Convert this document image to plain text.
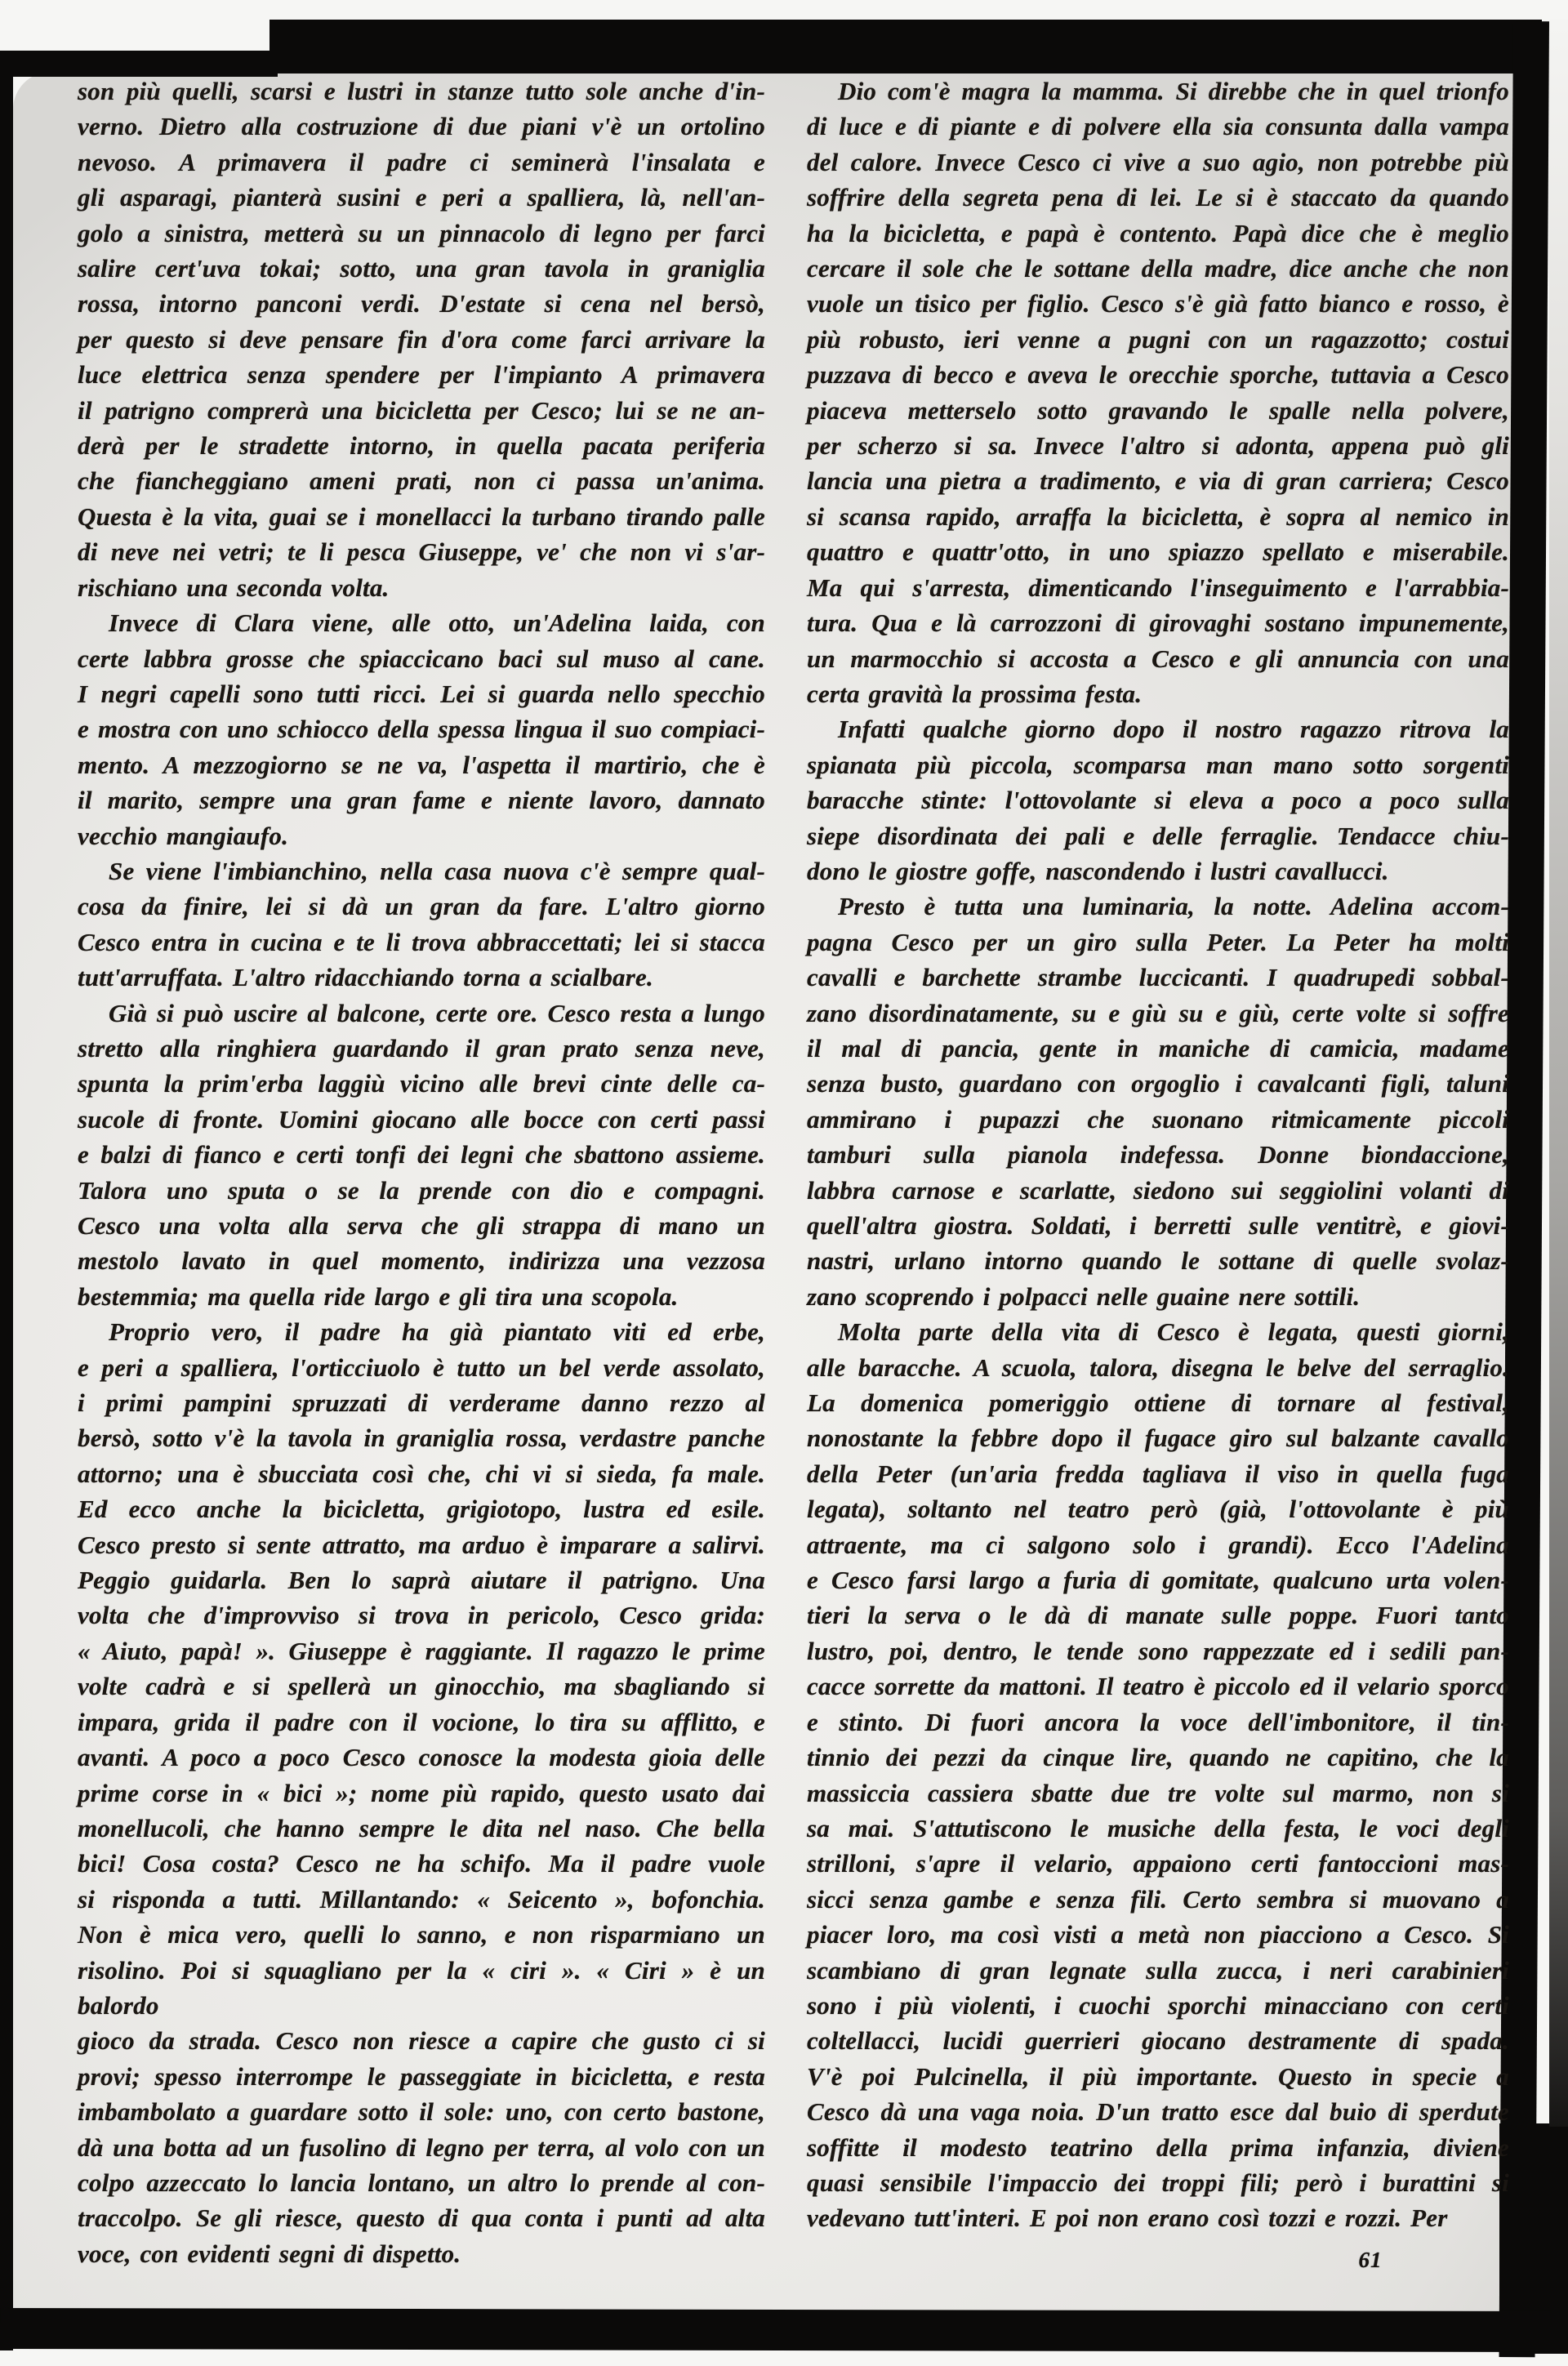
son più quelli, scarsi e lustri in stanze tutto sole anche d'in-
verno. Dietro alla costruzione di due piani v'è un ortolino
nevoso. A primavera il padre ci seminerà l'insalata e
gli asparagi, pianterà susini e peri a spalliera, là, nell'an-
golo a sinistra, metterà su un pinnacolo di legno per farci
salire cert'uva tokai; sotto, una gran tavola in graniglia
rossa, intorno panconi verdi. D'estate si cena nel bersò,
per questo si deve pensare fin d'ora come farci arrivare la
luce elettrica senza spendere per l'impianto A primavera
il patrigno comprerà una bicicletta per Cesco; lui se ne an-
derà per le stradette intorno, in quella pacata periferia
che fiancheggiano ameni prati, non ci passa un'anima.
Questa è la vita, guai se i monellacci la turbano tirando palle
di neve nei vetri; te li pesca Giuseppe, ve' che non vi s'ar-
rischiano una seconda volta.
Invece di Clara viene, alle otto, un'Adelina laida, con
certe labbra grosse che spiaccicano baci sul muso al cane.
I negri capelli sono tutti ricci. Lei si guarda nello specchio
e mostra con uno schiocco della spessa lingua il suo compiaci-
mento. A mezzogiorno se ne va, l'aspetta il martirio, che è
il marito, sempre una gran fame e niente lavoro, dannato
vecchio mangiaufo.
Se viene l'imbianchino, nella casa nuova c'è sempre qual-
cosa da finire, lei si dà un gran da fare. L'altro giorno
Cesco entra in cucina e te li trova abbraccettati; lei si stacca
tutt'arruffata. L'altro ridacchiando torna a scialbare.
Già si può uscire al balcone, certe ore. Cesco resta a lungo
stretto alla ringhiera guardando il gran prato senza neve,
spunta la prim'erba laggiù vicino alle brevi cinte delle ca-
sucole di fronte. Uomini giocano alle bocce con certi passi
e balzi di fianco e certi tonfi dei legni che sbattono assieme.
Talora uno sputa o se la prende con dio e compagni.
Cesco una volta alla serva che gli strappa di mano un
mestolo lavato in quel momento, indirizza una vezzosa
bestemmia; ma quella ride largo e gli tira una scopola.
Proprio vero, il padre ha già piantato viti ed erbe,
e peri a spalliera, l'orticciuolo è tutto un bel verde assolato,
i primi pampini spruzzati di verderame danno rezzo al
bersò, sotto v'è la tavola in graniglia rossa, verdastre panche
attorno; una è sbucciata così che, chi vi si sieda, fa male.
Ed ecco anche la bicicletta, grigiotopo, lustra ed esile.
Cesco presto si sente attratto, ma arduo è imparare a salirvi.
Peggio guidarla. Ben lo saprà aiutare il patrigno. Una
volta che d'improvviso si trova in pericolo, Cesco grida:
« Aiuto, papà! ». Giuseppe è raggiante. Il ragazzo le prime
volte cadrà e si spellerà un ginocchio, ma sbagliando si
impara, grida il padre con il vocione, lo tira su afflitto, e
avanti. A poco a poco Cesco conosce la modesta gioia delle
prime corse in « bici »; nome più rapido, questo usato dai
monellucoli, che hanno sempre le dita nel naso. Che bella
bici! Cosa costa? Cesco ne ha schifo. Ma il padre vuole
si risponda a tutti. Millantando: « Seicento », bofonchia.
Non è mica vero, quelli lo sanno, e non risparmiano un
risolino. Poi si squagliano per la « ciri ». « Ciri » è un balordo
gioco da strada. Cesco non riesce a capire che gusto ci si
provi; spesso interrompe le passeggiate in bicicletta, e resta
imbambolato a guardare sotto il sole: uno, con certo bastone,
dà una botta ad un fusolino di legno per terra, al volo con un
colpo azzeccato lo lancia lontano, un altro lo prende al con-
traccolpo. Se gli riesce, questo di qua conta i punti ad alta
voce, con evidenti segni di dispetto.
Dio com'è magra la mamma. Si direbbe che in quel trionfo
di luce e di piante e di polvere ella sia consunta dalla vampa
del calore. Invece Cesco ci vive a suo agio, non potrebbe più
soffrire della segreta pena di lei. Le si è staccato da quando
ha la bicicletta, e papà è contento. Papà dice che è meglio
cercare il sole che le sottane della madre, dice anche che non
vuole un tisico per figlio. Cesco s'è già fatto bianco e rosso, è
più robusto, ieri venne a pugni con un ragazzotto; costui
puzzava di becco e aveva le orecchie sporche, tuttavia a Cesco
piaceva metterselo sotto gravando le spalle nella polvere,
per scherzo si sa. Invece l'altro si adonta, appena può gli
lancia una pietra a tradimento, e via di gran carriera; Cesco
si scansa rapido, arraffa la bicicletta, è sopra al nemico in
quattro e quattr'otto, in uno spiazzo spellato e miserabile.
Ma qui s'arresta, dimenticando l'inseguimento e l'arrabbia-
tura. Qua e là carrozzoni di girovaghi sostano impunemente,
un marmocchio si accosta a Cesco e gli annuncia con una
certa gravità la prossima festa.
Infatti qualche giorno dopo il nostro ragazzo ritrova la
spianata più piccola, scomparsa man mano sotto sorgenti
baracche stinte: l'ottovolante si eleva a poco a poco sulla
siepe disordinata dei pali e delle ferraglie. Tendacce chiu-
dono le giostre goffe, nascondendo i lustri cavallucci.
Presto è tutta una luminaria, la notte. Adelina accom-
pagna Cesco per un giro sulla Peter. La Peter ha molti
cavalli e barchette strambe luccicanti. I quadrupedi sobbal-
zano disordinatamente, su e giù su e giù, certe volte si soffre
il mal di pancia, gente in maniche di camicia, madame
senza busto, guardano con orgoglio i cavalcanti figli, taluni
ammirano i pupazzi che suonano ritmicamente piccoli
tamburi sulla pianola indefessa. Donne biondaccione,
labbra carnose e scarlatte, siedono sui seggiolini volanti di
quell'altra giostra. Soldati, i berretti sulle ventitrè, e giovi-
nastri, urlano intorno quando le sottane di quelle svolaz-
zano scoprendo i polpacci nelle guaine nere sottili.
Molta parte della vita di Cesco è legata, questi giorni,
alle baracche. A scuola, talora, disegna le belve del serraglio.
La domenica pomeriggio ottiene di tornare al festival,
nonostante la febbre dopo il fugace giro sul balzante cavallo
della Peter (un'aria fredda tagliava il viso in quella fuga
legata), soltanto nel teatro però (già, l'ottovolante è più
attraente, ma ci salgono solo i grandi). Ecco l'Adelina
e Cesco farsi largo a furia di gomitate, qualcuno urta volen-
tieri la serva o le dà di manate sulle poppe. Fuori tanto
lustro, poi, dentro, le tende sono rappezzate ed i sedili pan-
cacce sorrette da mattoni. Il teatro è piccolo ed il velario sporco
e stinto. Di fuori ancora la voce dell'imbonitore, il tin-
tinnio dei pezzi da cinque lire, quando ne capitino, che la
massiccia cassiera sbatte due tre volte sul marmo, non si
sa mai. S'attutiscono le musiche della festa, le voci degli
strilloni, s'apre il velario, appaiono certi fantoccioni mas-
sicci senza gambe e senza fili. Certo sembra si muovano a
piacer loro, ma così visti a metà non piacciono a Cesco. Si
scambiano di gran legnate sulla zucca, i neri carabinieri
sono i più violenti, i cuochi sporchi minacciano con certi
coltellacci, lucidi guerrieri giocano destramente di spada.
V'è poi Pulcinella, il più importante. Questo in specie a
Cesco dà una vaga noia. D'un tratto esce dal buio di sperdute
soffitte il modesto teatrino della prima infanzia, diviene
quasi sensibile l'impaccio dei troppi fili; però i burattini si
vedevano tutt'interi. E poi non erano così tozzi e rozzi. Per
61
